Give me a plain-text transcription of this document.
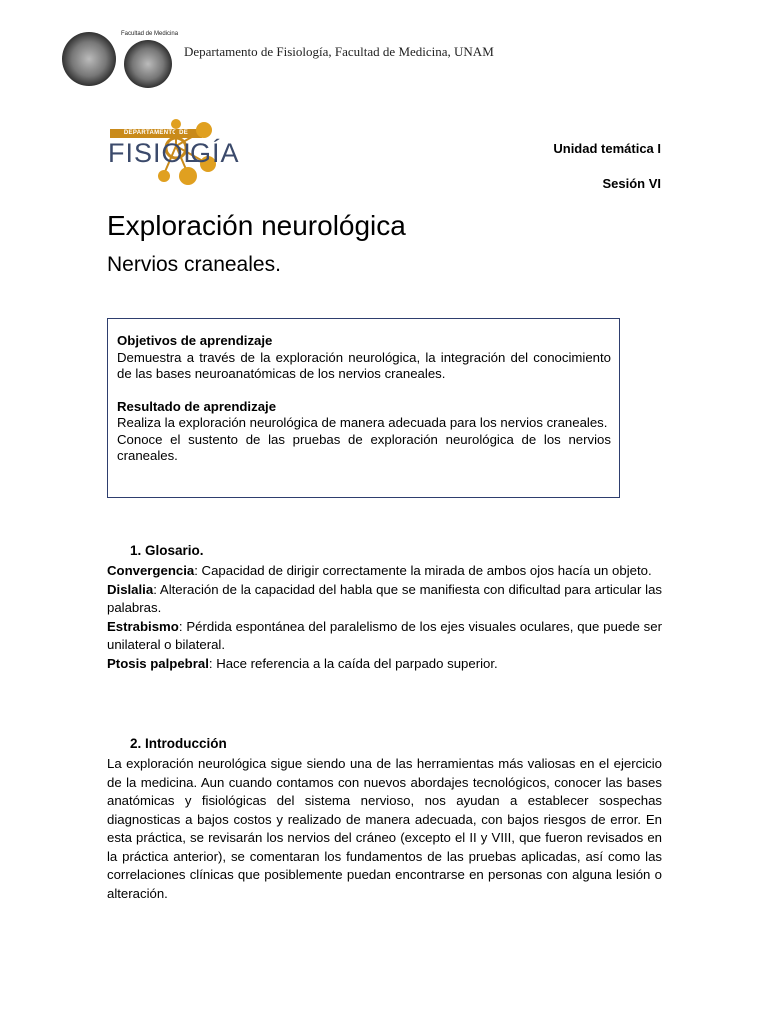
Facultad de Medicina
Departamento de Fisiología, Facultad de Medicina, UNAM
DEPARTAMENTO DE
FISIOL
GÍA	Unidad temática I
Sesión VI
Exploración neurológica
Nervios craneales.

Objetivos de aprendizaje

Demuestra a través de la exploración neurológica, la integración del conocimiento de las bases neuroanatómicas de los nervios craneales.

Resultado de aprendizaje

Realiza la exploración neurológica de manera adecuada para los nervios craneales.

Conoce el sustento de las pruebas de exploración neurológica de los nervios craneales.

1. Glosario.

Convergencia: Capacidad de dirigir correctamente la mirada de ambos ojos hacía un objeto.

Dislalia: Alteración de la capacidad del habla que se manifiesta con dificultad para articular las palabras.

Estrabismo: Pérdida espontánea del paralelismo de los ejes visuales oculares, que puede ser unilateral o bilateral.

Ptosis palpebral: Hace referencia a la caída del parpado superior.

2. Introducción

La exploración neurológica sigue siendo una de las herramientas más valiosas en el ejercicio de la medicina. Aun cuando contamos con nuevos abordajes tecnológicos, conocer las bases anatómicas y fisiológicas del sistema nervioso, nos ayudan a establecer sospechas diagnosticas a bajos costos y realizado de manera adecuada, con bajos riesgos de error. En esta práctica, se revisarán los nervios del cráneo (excepto el II y VIII, que fueron revisados en la práctica anterior), se comentaran los fundamentos de las pruebas aplicadas, así como las correlaciones clínicas que posiblemente puedan encontrarse en personas con alguna lesión o alteración.
